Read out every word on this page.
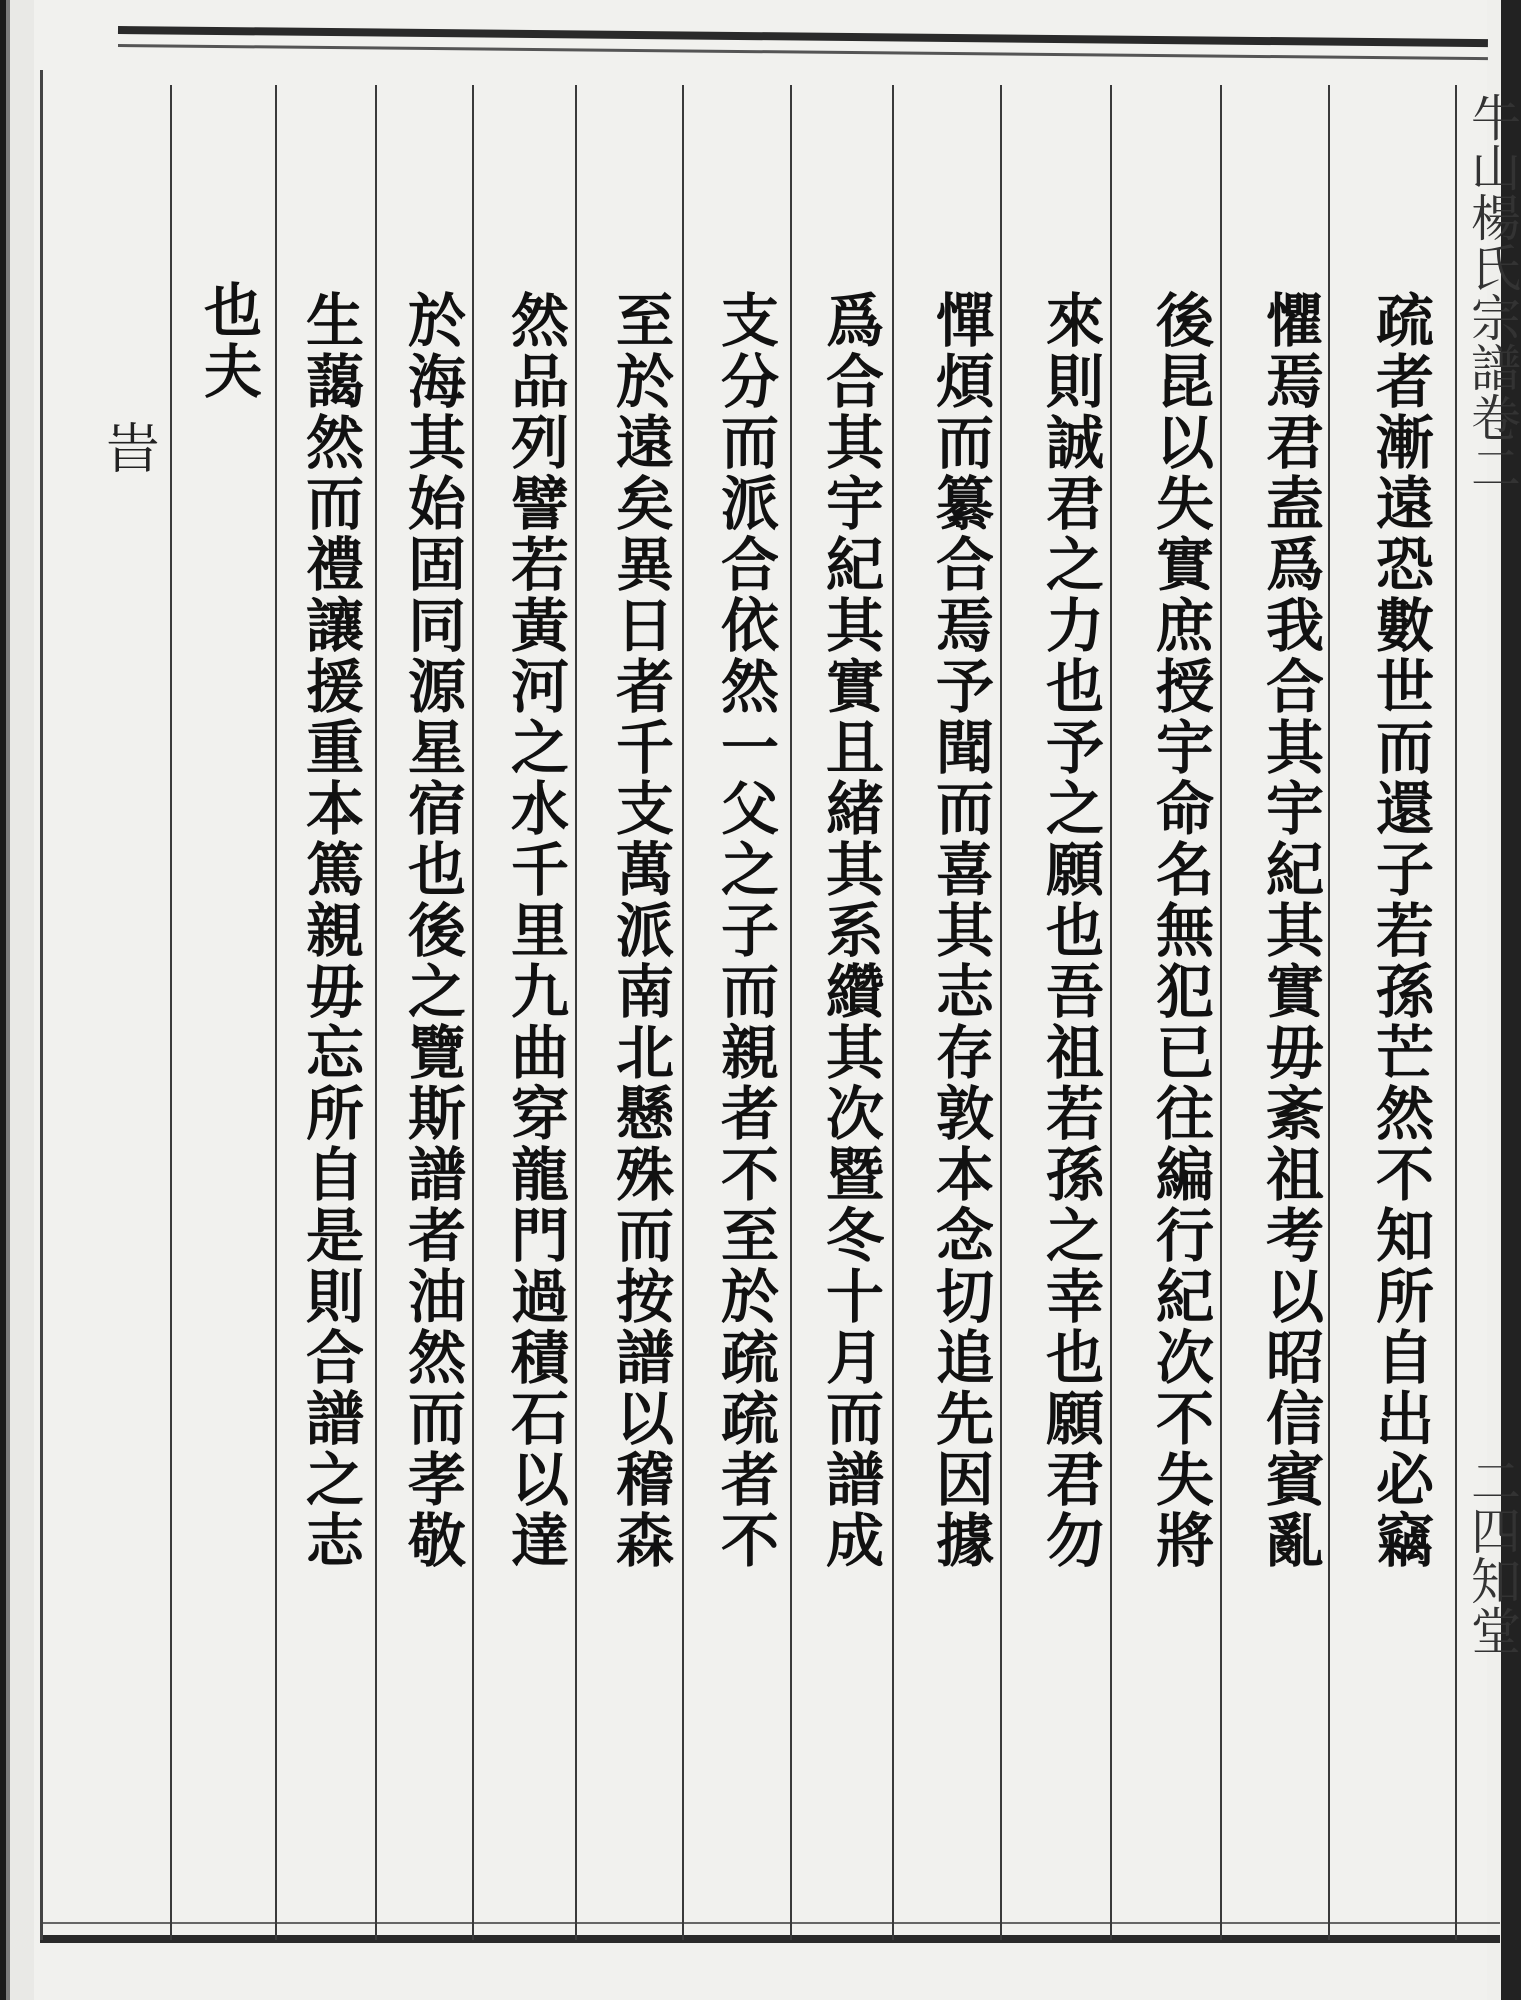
牛山楊氏宗譜卷二
二四知堂
疏者漸遠恐數世而還子若孫芒然不知所自出必竊
懼焉君盍爲我合其宇紀其實毋紊祖考以昭信賓亂
後昆以失實庶授宇命名無犯已往編行紀次不失將
來則誠君之力也予之願也吾祖若孫之幸也願君勿
憚煩而纂合焉予聞而喜其志存敦本念切追先因據
爲合其宇紀其實且緒其系纘其次暨冬十月而譜成
支分而派合依然一父之子而親者不至於疏疏者不
至於遠矣異日者千支萬派南北懸殊而按譜以稽森
然品列譬若黃河之水千里九曲穿龍門過積石以達
於海其始固同源星宿也後之覽斯譜者油然而孝敬
生藹然而禮讓援重本篤親毋忘所自是則合譜之志
也夫
旹
